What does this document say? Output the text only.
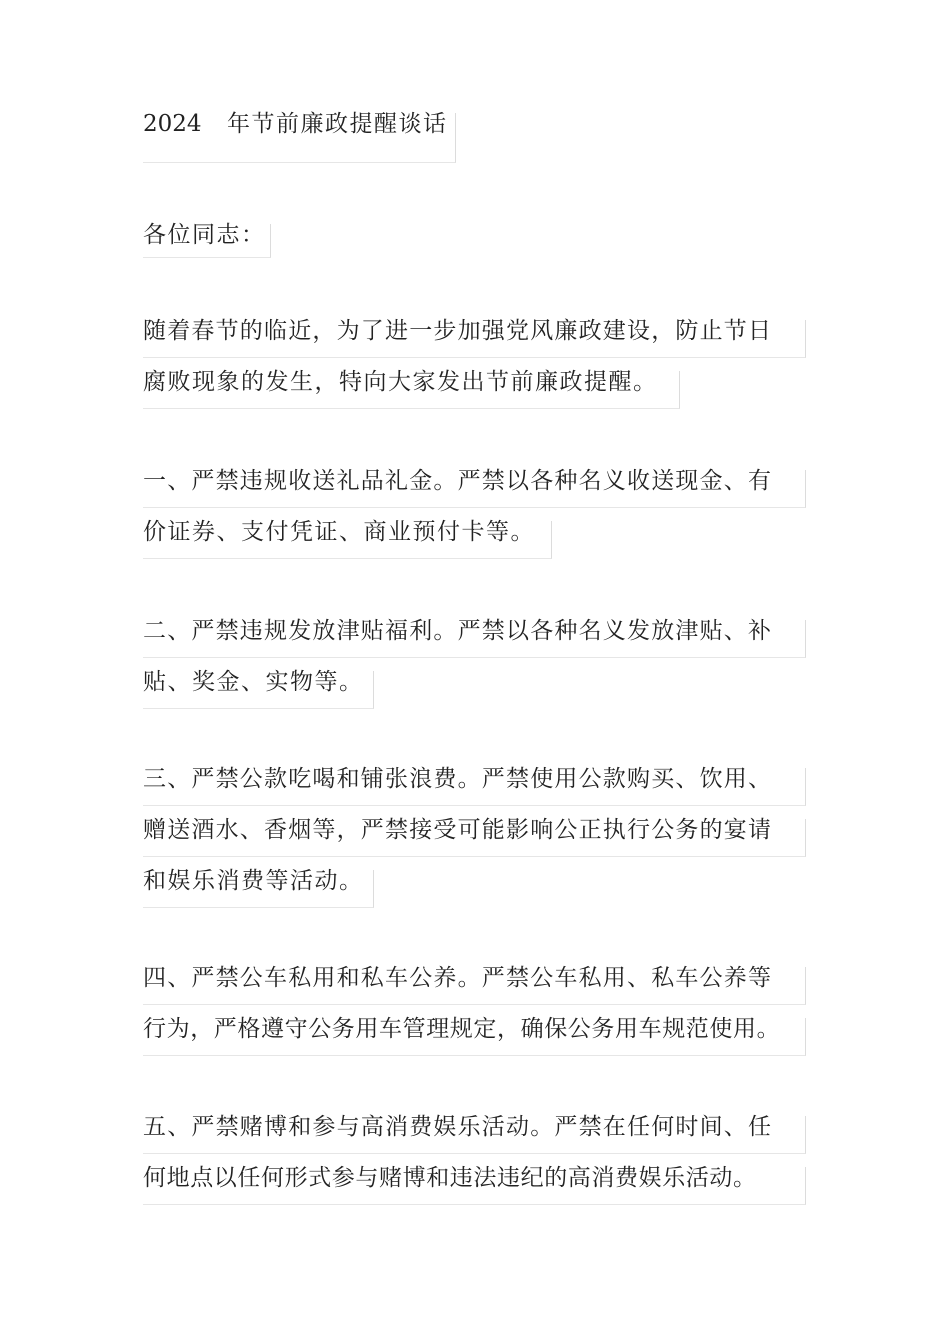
2024 年节前廉政提醒谈话
各位同志：
随着春节的临近，为了进一步加强党风廉政建设，防止节日
腐败现象的发生，特向大家发出节前廉政提醒。
一、严禁违规收送礼品礼金。严禁以各种名义收送现金、有
价证券、支付凭证、商业预付卡等。
二、严禁违规发放津贴福利。严禁以各种名义发放津贴、补
贴、奖金、实物等。
三、严禁公款吃喝和铺张浪费。严禁使用公款购买、饮用、
赠送酒水、香烟等，严禁接受可能影响公正执行公务的宴请
和娱乐消费等活动。
四、严禁公车私用和私车公养。严禁公车私用、私车公养等
行为，严格遵守公务用车管理规定，确保公务用车规范使用。
五、严禁赌博和参与高消费娱乐活动。严禁在任何时间、任
何地点以任何形式参与赌博和违法违纪的高消费娱乐活动。
